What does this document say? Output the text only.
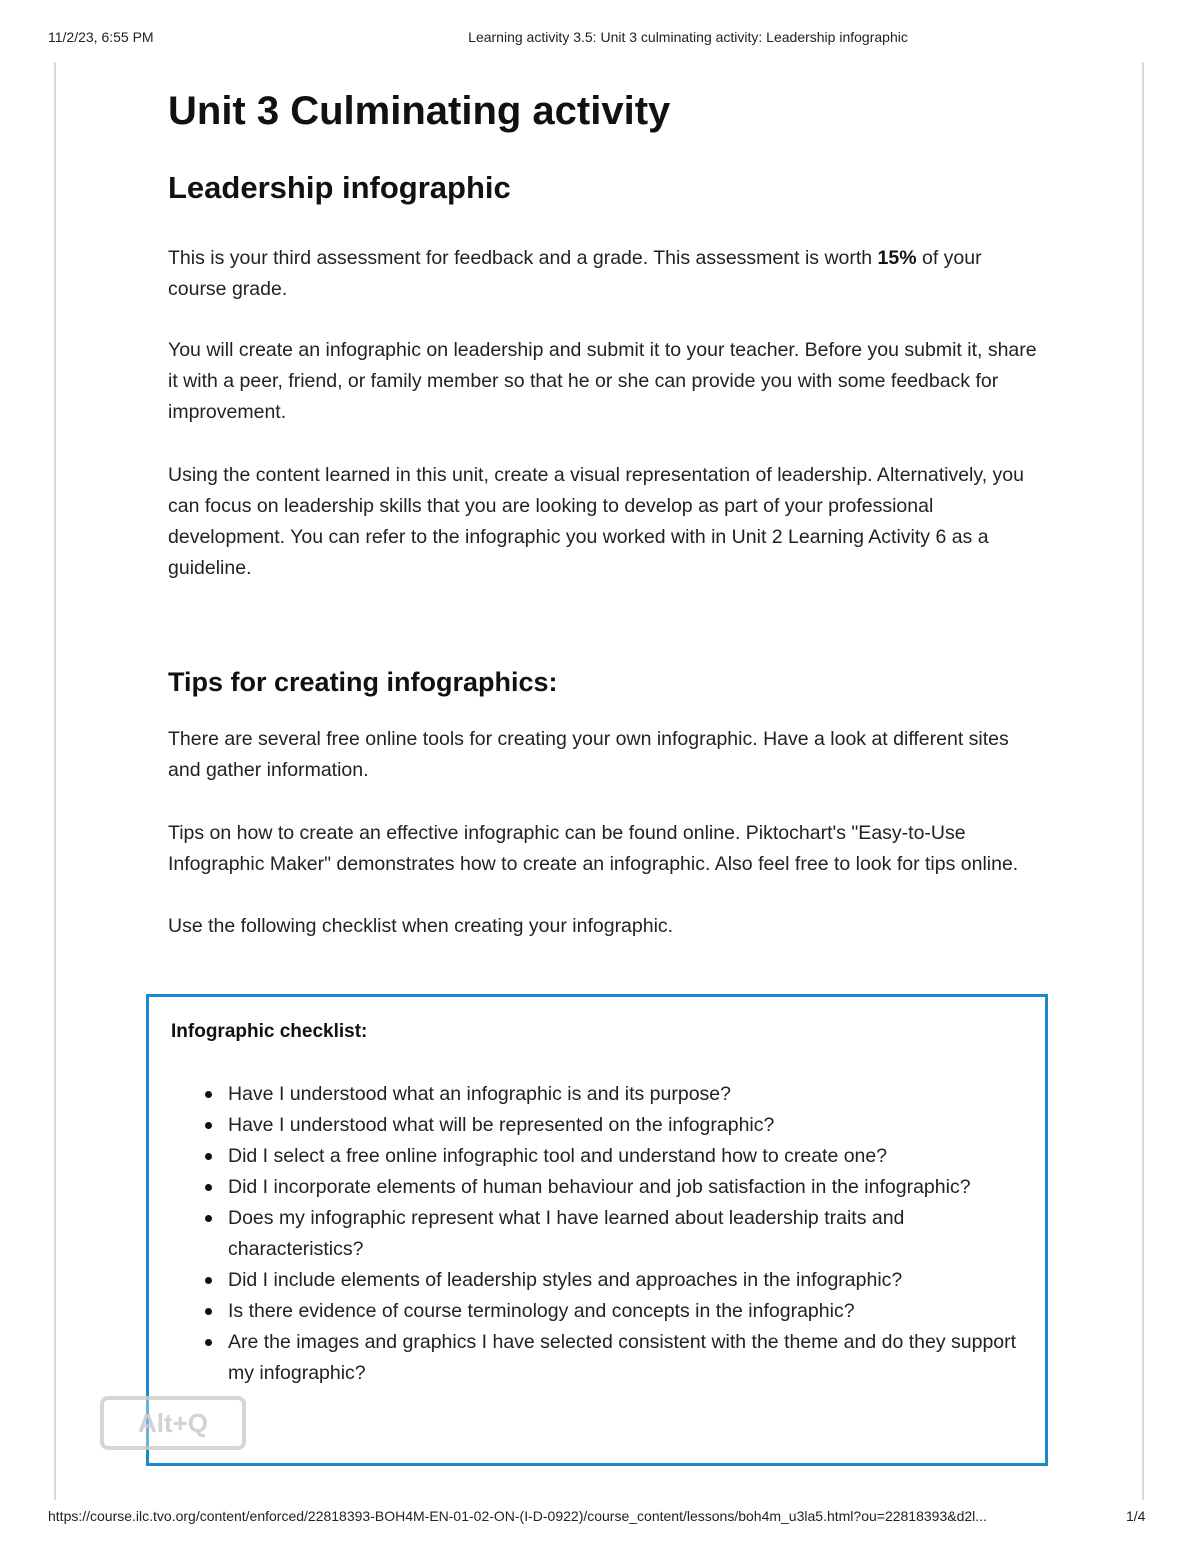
11/2/23, 6:55 PM	Learning activity 3.5: Unit 3 culminating activity: Leadership infographic
Unit 3 Culminating activity
Leadership infographic

This is your third assessment for feedback and a grade. This assessment is worth 15% of your course grade.

You will create an infographic on leadership and submit it to your teacher. Before you submit it, share it with a peer, friend, or family member so that he or she can provide you with some feedback for improvement.

Using the content learned in this unit, create a visual representation of leadership. Alternatively, you can focus on leadership skills that you are looking to develop as part of your professional development. You can refer to the infographic you worked with in Unit 2 Learning Activity 6 as a guideline.

Tips for creating infographics:

There are several free online tools for creating your own infographic. Have a look at different sites and gather information.

Tips on how to create an effective infographic can be found online. Piktochart's "Easy-to-Use Infographic Maker" demonstrates how to create an infographic. Also feel free to look for tips online.

Use the following checklist when creating your infographic.

Infographic checklist:
Have I understood what an infographic is and its purpose?
Have I understood what will be represented on the infographic?
Did I select a free online infographic tool and understand how to create one?
Did I incorporate elements of human behaviour and job satisfaction in the infographic?
Does my infographic represent what I have learned about leadership traits and characteristics?
Did I include elements of leadership styles and approaches in the infographic?
Is there evidence of course terminology and concepts in the infographic?
Are the images and graphics I have selected consistent with the theme and do they support my infographic?
Alt+Q
https://course.ilc.tvo.org/content/enforced/22818393-BOH4M-EN-01-02-ON-(I-D-0922)/course_content/lessons/boh4m_u3la5.html?ou=22818393&d2l...	1/4
